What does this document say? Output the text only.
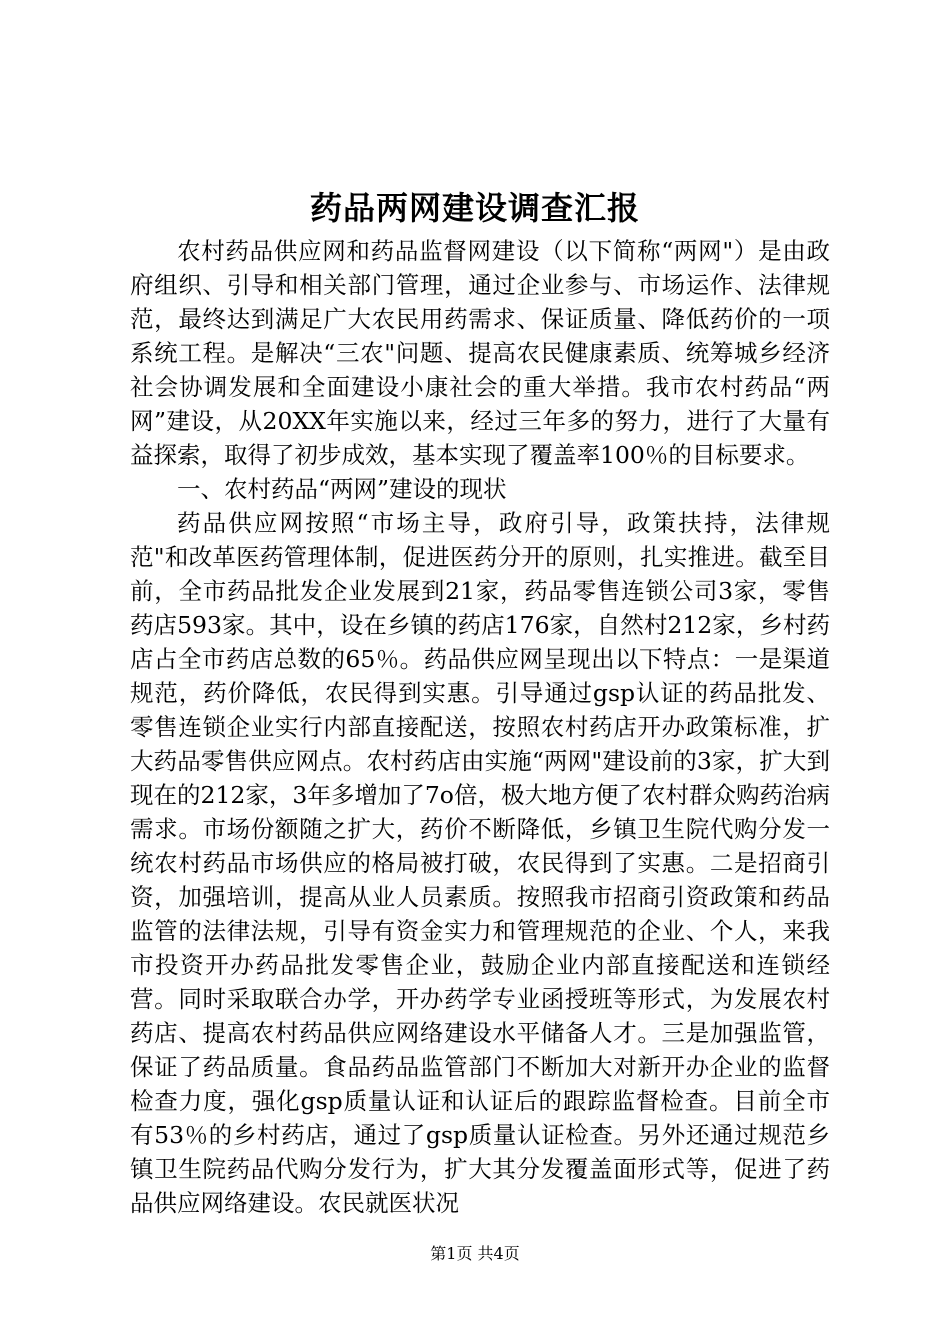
药品两网建设调查汇报

农村药品供应网和药品监督网建设（以下简称“两网"）是由政府组织、引导和相关部门管理，通过企业参与、市场运作、法律规范，最终达到满足广大农民用药需求、保证质量、降低药价的一项系统工程。是解决“三农"问题、提高农民健康素质、统筹城乡经济社会协调发展和全面建设小康社会的重大举措。我市农村药品“两网”建设，从20XX年实施以来，经过三年多的努力，进行了大量有益探索，取得了初步成效，基本实现了覆盖率100％的目标要求。

一、农村药品“两网”建设的现状

药品供应网按照“市场主导，政府引导，政策扶持，法律规范"和改革医药管理体制，促进医药分开的原则，扎实推进。截至目前，全市药品批发企业发展到21家，药品零售连锁公司3家，零售药店593家。其中，设在乡镇的药店176家，自然村212家，乡村药店占全市药店总数的65％。药品供应网呈现出以下特点：一是渠道规范，药价降低，农民得到实惠。引导通过gsp认证的药品批发、零售连锁企业实行内部直接配送，按照农村药店开办政策标准，扩大药品零售供应网点。农村药店由实施“两网"建设前的3家，扩大到现在的212家，3年多增加了7o倍，极大地方便了农村群众购药治病需求。市场份额随之扩大，药价不断降低，乡镇卫生院代购分发一统农村药品市场供应的格局被打破，农民得到了实惠。二是招商引资，加强培训，提高从业人员素质。按照我市招商引资政策和药品监管的法律法规，引导有资金实力和管理规范的企业、个人，来我市投资开办药品批发零售企业，鼓励企业内部直接配送和连锁经营。同时采取联合办学，开办药学专业函授班等形式，为发展农村药店、提高农村药品供应网络建设水平储备人才。三是加强监管，保证了药品质量。食品药品监管部门不断加大对新开办企业的监督检查力度，强化gsp质量认证和认证后的跟踪监督检查。目前全市有53％的乡村药店，通过了gsp质量认证检查。另外还通过规范乡镇卫生院药品代购分发行为，扩大其分发覆盖面形式等，促进了药品供应网络建设。农民就医状况

第1页 共4页
